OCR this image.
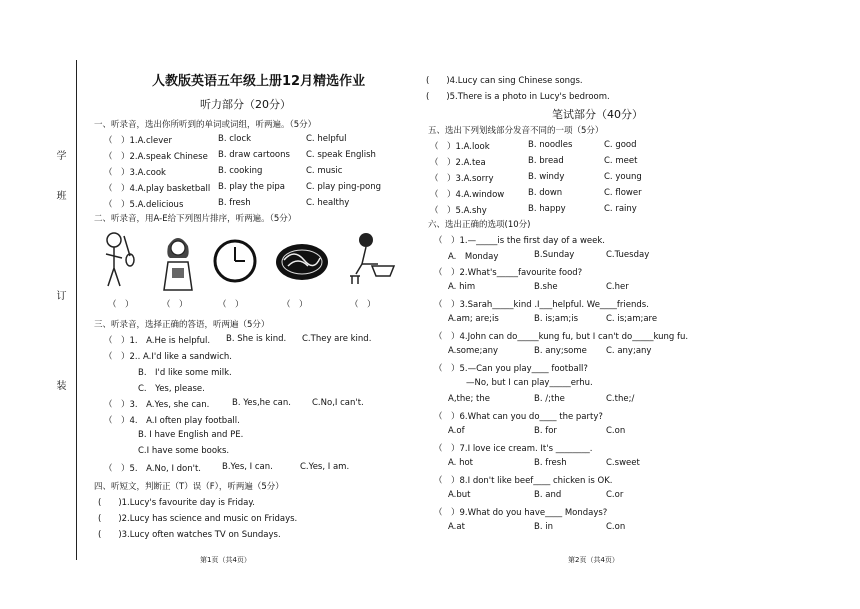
学
班
订
装
人教版英语五年级上册12月精选作业
听力部分（20分）
一、听录音，选出你所听到的单词或词组，听两遍。（5分）
二、听录音，用A-E给下列图片排序，听两遍。（5分）
三、听录音，选择正确的答语，听两遍（5分）
（　）1.　A.He is helpful. B. She is kind. C.They are kind.
（　）2.. A.I'd like a sandwich.
B.　I'd like some milk.
C.　Yes, please.
（　）3.　A.Yes, she can.	B. Yes,he can. C.No,I can't.
（　）4.　A.I often play football.
B. I have English and PE.
C.I have some books.
（　）5.　A.No, I don't. B.Yes, I can.	C.Yes, I am.
四、听短文，判断正（T）误（F），听两遍（5分）
(　　)1.Lucy's favourite day is Friday.
(　　)2.Lucy has science and music on Fridays.
(　　)3.Lucy often watches TV on Sundays.
第1页（共4页）
(　　)4.Lucy can sing Chinese songs.
(　　)5.There is a photo in Lucy's bedroom.
笔试部分（40分）
五、选出下列划线部分发音不同的一项（5分）
六、选出正确的选项(10分)
第2页（共4页）
（　）1.A.clever	B. clock	C. helpful
（　）2.A.speak Chinese B. draw cartoons C. speak English
（　）3.A.cook	B. cooking	C. music
（　）4.A.play basketball B. play the pipa C. play ping-pong
（　）5.A.delicious	B. fresh	C. healthy
（　）	（　）	（　）	（　）	（　）
（　）1.A.look	B. noodles	C. good
（　）2.A.tea	B. bread	C. meet
（　）3.A.sorry	B. windy	C. young
（　）4.A.window	B. down	C. flower
（　）5.A.shy	B. happy	C. rainy
（　）1.—_____is the first day of a week.
A.　Monday	B.Sunday	C.Tuesday
（　）2.What's_____favourite food?
A. him	B.she	C.her
（　）3.Sarah_____kind .I___helpful. We____friends.
A.am; are;is	B. is;am;is	C. is;am;are
（　）4.John can do_____kung fu, but I can't do_____kung fu.
A.some;any	B. any;some C. any;any
（　）5.—Can you play____ football?
—No, but I can play_____erhu.
A,the; the	B. /;the	C.the;/
（　）6.What can you do____ the party?
A.of	B. for	C.on
（　）7.I love ice cream. It's ________.
A. hot	B. fresh	C.sweet
（　）8.I don't like beef____ chicken is OK.
A.but	B. and	C.or
（　）9.What do you have____ Mondays?
A.at	B. in	C.on
